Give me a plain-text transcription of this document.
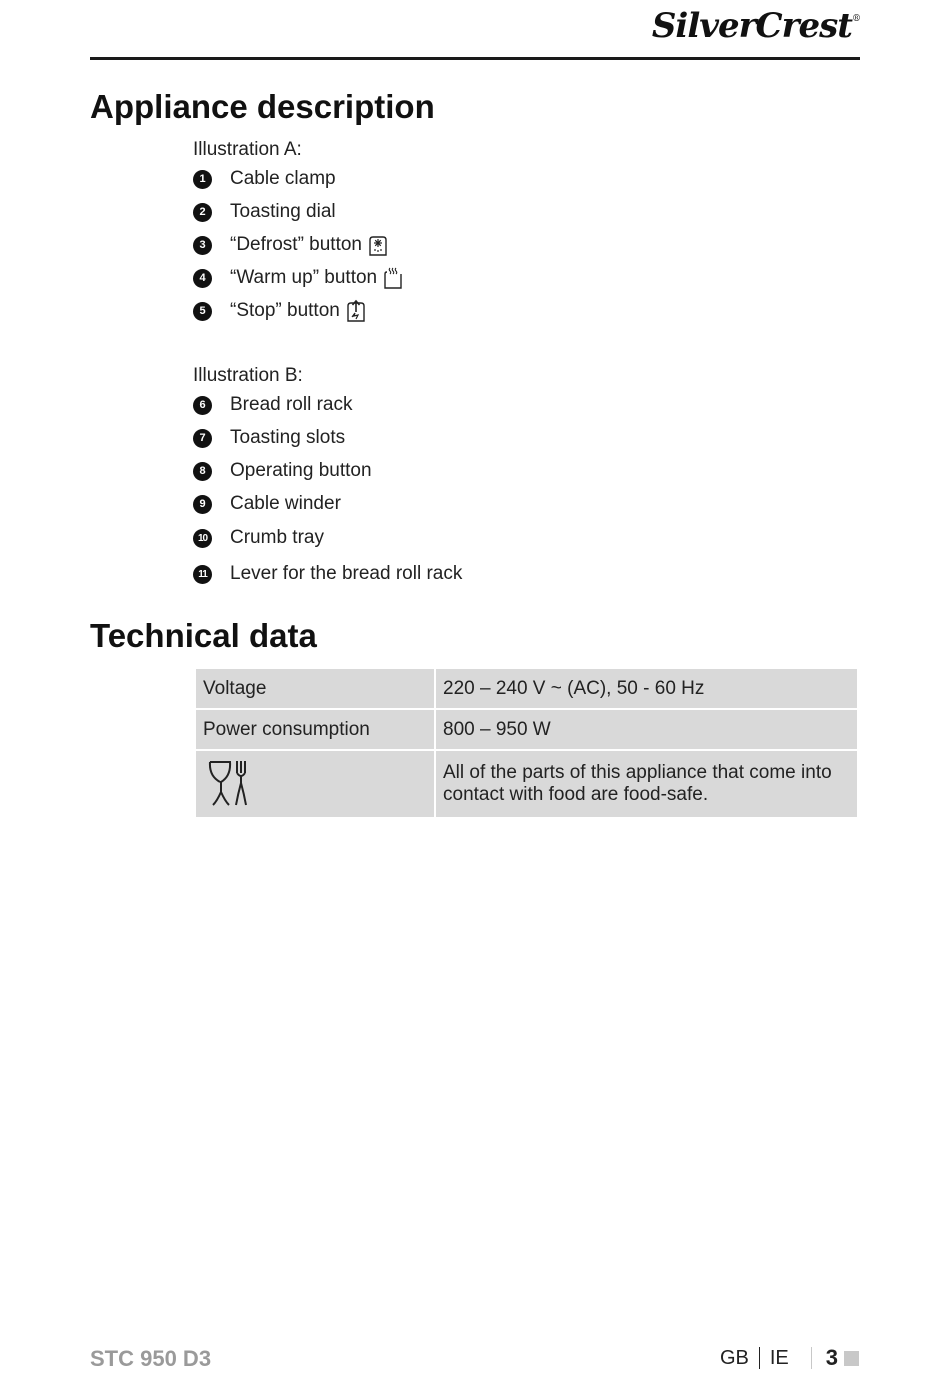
SilverCrest®
Appliance description
Illustration A:
1	Cable clamp
2	Toasting dial
3	“Defrost” button
4	“Warm up” button
5	“Stop” button
Illustration B:
6	Bread roll rack
7	Toasting slots
8	Operating button
9	Cable winder
10 Crumb tray
11 Lever for the bread roll rack
Technical data
Voltage	220 – 240 V ~ (AC), 50 - 60 Hz
Power consumption	800 – 950 W

	All of the parts of this appliance that come into contact with food are food-safe.
STC 950 D3	GB IE 3
